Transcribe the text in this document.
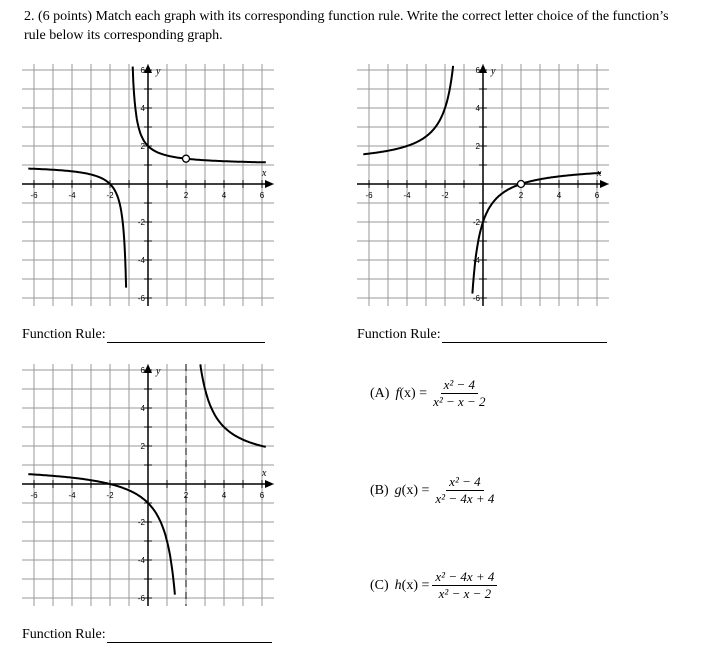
2. (6 points) Match each graph with its corresponding function rule. Write the correct letter choice of the function’s rule below its corresponding graph.
-6	-4	-2	2	4	6
6
4
2
-2
-4
-6
x
y
-6	-4	-2	2	4	6
6
4
2
-2
-4
-6
x
y
-6	-4	-2	2	4	6
6
4
2
-2
-4
-6
x
y
Function Rule:	Function Rule:
Function Rule:
(A) f $(x) = \frac{\text{x² − 4}}{\text{x² − x − 2}}$
(B) g $(x) = \frac{\text{x² − 4}}{\text{x² − 4x + 4}}$
(C) h $(x) = \frac{\text{x² − 4x + 4}}{\text{x² − x − 2}}$
